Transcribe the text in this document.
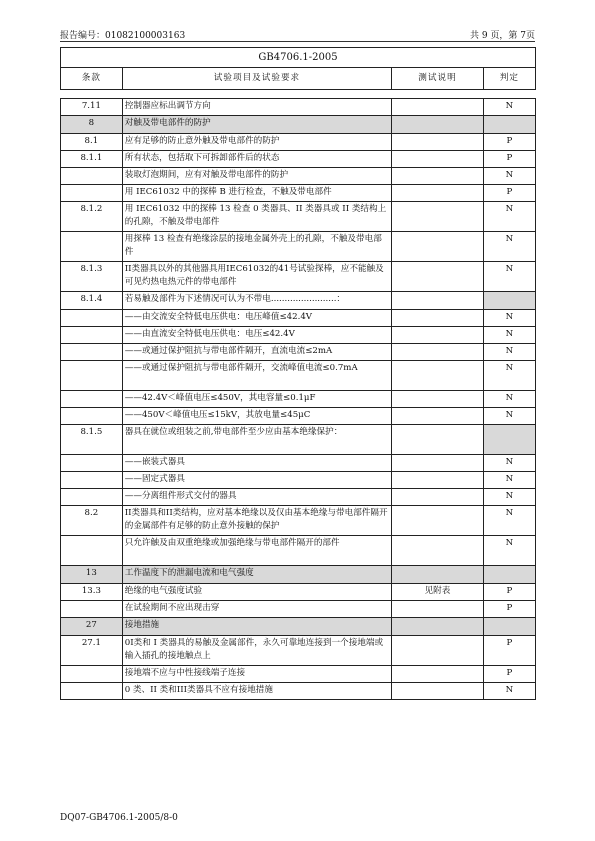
报告编号：01082100003163	共 9 页，第 7页
GB4706.1-2005			
条款	试验项目及试验要求	测试说明	判定

7.11	控制器应标出调节方向		N
8	对触及带电部件的防护		
8.1	应有足够的防止意外触及带电部件的防护		P
8.1.1	所有状态，包括取下可拆卸部件后的状态		P
	装取灯泡期间，应有对触及带电部件的防护		N
	用 IEC61032 中的探棒 B 进行检查，不触及带电部件		P
8.1.2	用 IEC61032 中的探棒 13 检查 0 类器具、II 类器具或 II 类结构上的孔隙，不触及带电部件		N
	用探棒 13 检查有绝缘涂层的接地金属外壳上的孔隙，不触及带电部件		N
8.1.3	II类器具以外的其他器具用IEC61032的41号试验探棒，应不能触及可见灼热电热元件的带电部件		N
8.1.4	若易触及部件为下述情况可认为不带电........................：		
	——由交流安全特低电压供电：电压峰值≤42.4V		N
	——由直流安全特低电压供电：电压≤42.4V		N
	——或通过保护阻抗与带电部件隔开，直流电流≤2mA		N
	——或通过保护阻抗与带电部件隔开，交流峰值电流≤0.7mA		N
	——42.4V＜峰值电压≤450V，其电容量≤0.1μF		N
	——450V＜峰值电压≤15kV，其放电量≤45μC		N
8.1.5	器具在就位或组装之前,带电部件至少应由基本绝缘保护：		
	——嵌装式器具		N
	——固定式器具		N
	——分离组件形式交付的器具		N
8.2	II类器具和II类结构，应对基本绝缘以及仅由基本绝缘与带电部件隔开的金属部件有足够的防止意外接触的保护		N
	只允许触及由双重绝缘或加强绝缘与带电部件隔开的部件		N
13	工作温度下的泄漏电流和电气强度		
13.3	绝缘的电气强度试验	见附表	P
	在试验期间不应出现击穿		P
27	接地措施		
27.1	0I类和 I 类器具的易触及金属部件，永久可靠地连接到一个接地端或输入插孔的接地触点上		P
	接地端不应与中性接线端子连接		P
	0 类、II 类和III类器具不应有接地措施		N
DQ07-GB4706.1-2005/8-0
